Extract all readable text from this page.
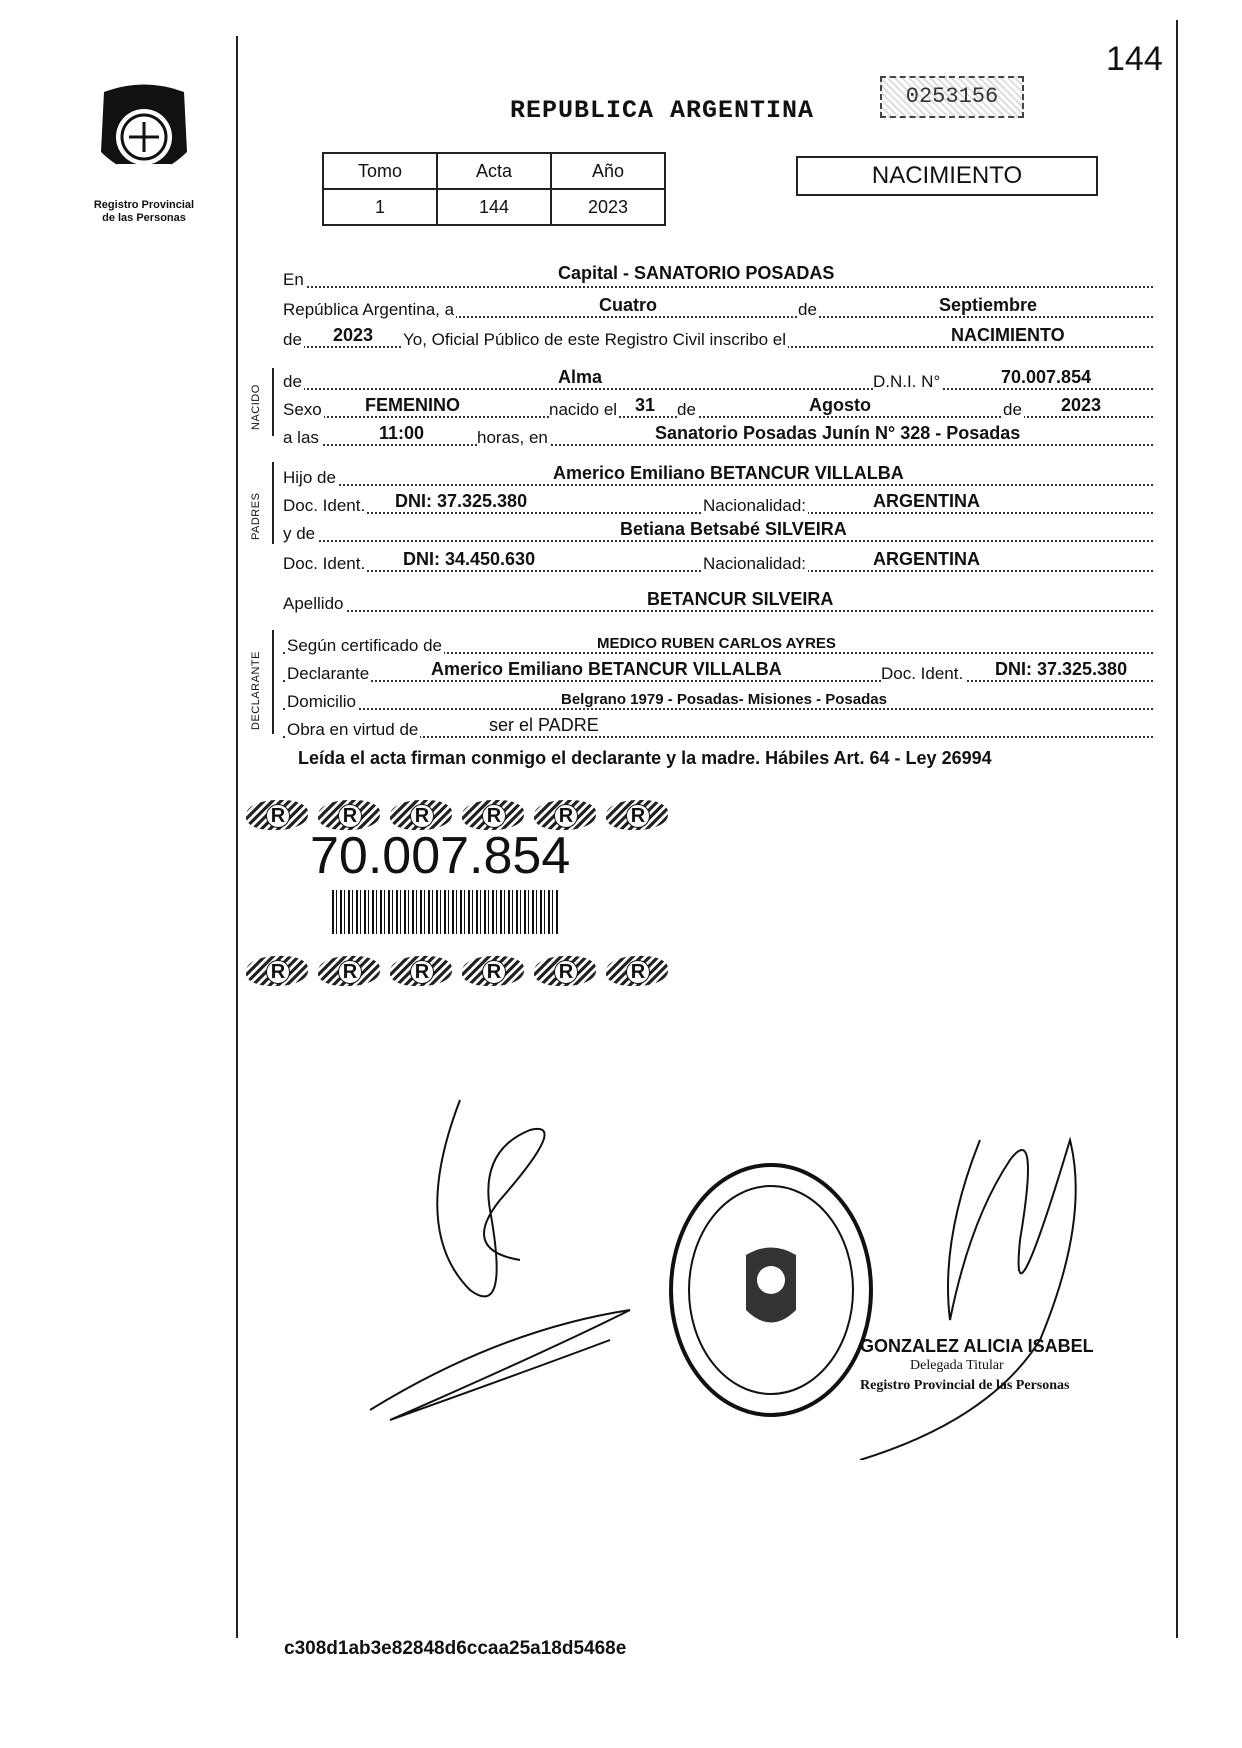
144
Registro Provincial
de las Personas
REPUBLICA ARGENTINA	0253156
Tomo	Acta	Año
1	144	2023
NACIMIENTO
NACIDO
PADRES
DECLARANTE
En	Capital - SANATORIO POSADAS
República Argentina, a	Cuatro	de	Septiembre
de 2023 Yo, Oficial Público de este Registro Civil inscribo el	NACIMIENTO
de	Alma	D.N.I. N°	70.007.854
Sexo FEMENINO	nacido el 31 de	Agosto	de 2023
a las	11:00	horas, en	Sanatorio Posadas Junín N° 328 - Posadas
Hijo de	Americo Emiliano BETANCUR VILLALBA
Doc. Ident. DNI: 37.325.380	Nacionalidad:	ARGENTINA
y de	Betiana Betsabé SILVEIRA
Doc. Ident. DNI: 34.450.630	Nacionalidad:	ARGENTINA
Apellido	BETANCUR SILVEIRA
Según certificado de	MEDICO RUBEN CARLOS AYRES
Declarante	Americo Emiliano BETANCUR VILLALBA	Doc. Ident. DNI: 37.325.380
Domicilio	Belgrano 1979 - Posadas- Misiones - Posadas
Obra en virtud de	ser el PADRE
Leída el acta firman conmigo el declarante y la madre. Hábiles Art. 64 - Ley 26994
R	R	R	R	R	R
70.007.854
R	R	R	R	R	R
GONZALEZ ALICIA ISABEL
Delegada Titular
Registro Provincial de las Personas
c308d1ab3e82848d6ccaa25a18d5468e
